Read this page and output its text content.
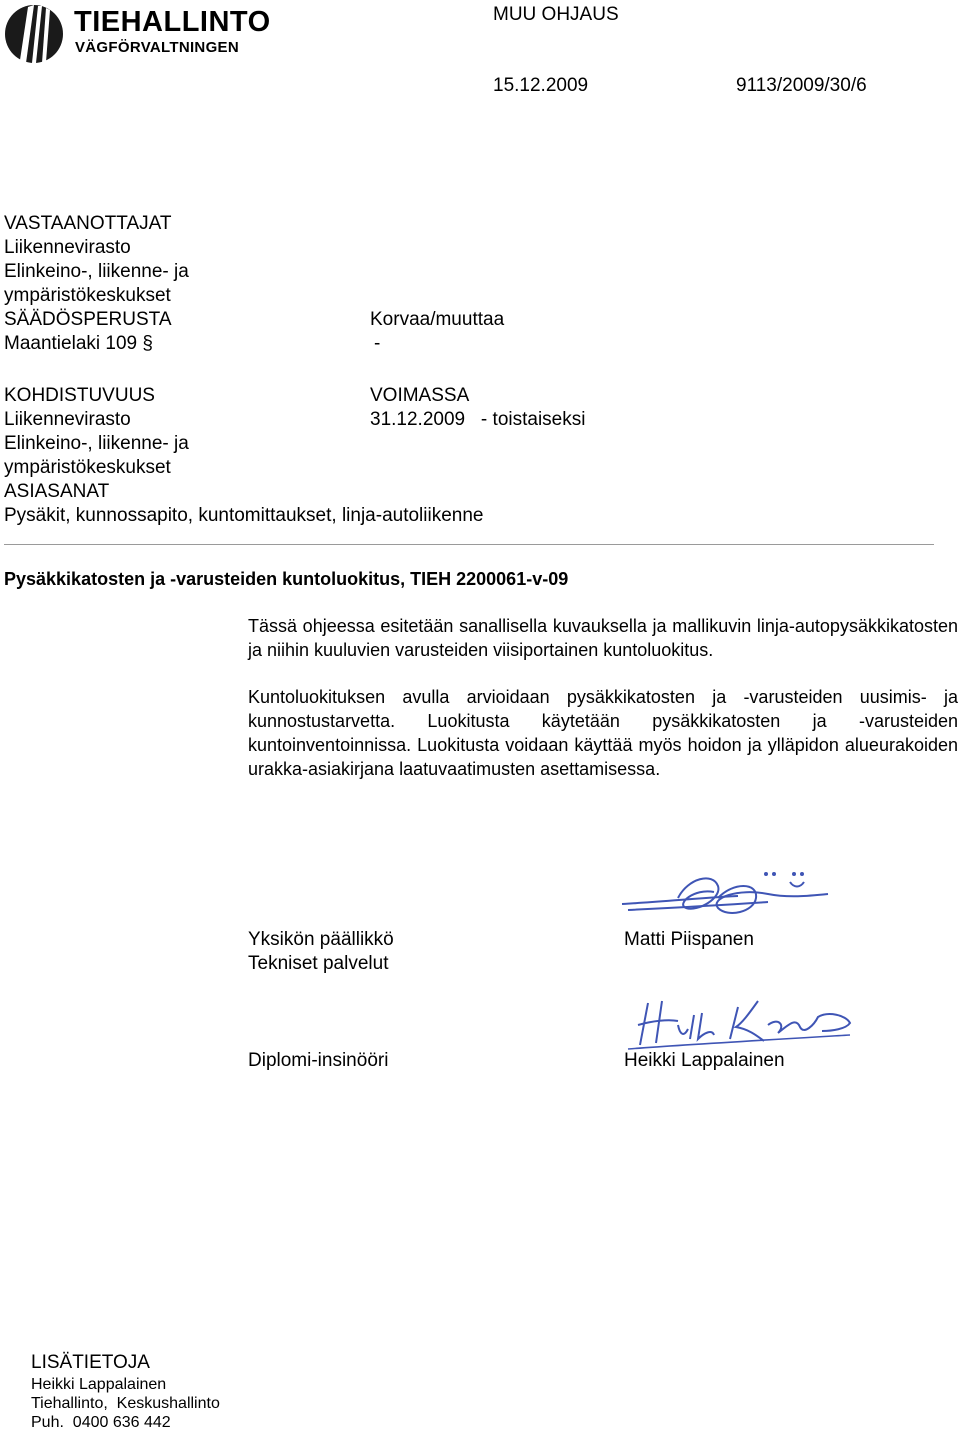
TIEHALLINTO
VÄGFÖRVALTNINGEN
MUU OHJAUS
15.12.2009	9113/2009/30/6
VASTAANOTTAJAT
Liikennevirasto
Elinkeino-, liikenne- ja
ympäristökeskukset
SÄÄDÖSPERUSTA
Maantielaki 109 §
Korvaa/muuttaa
-
KOHDISTUVUUS
Liikennevirasto
Elinkeino-, liikenne- ja
ympäristökeskukset
VOIMASSA
31.12.2009   - toistaiseksi
ASIASANAT
Pysäkit, kunnossapito, kuntomittaukset, linja-autoliikenne
Pysäkkikatosten ja -varusteiden kuntoluokitus, TIEH 2200061-v-09
Tässä ohjeessa esitetään sanallisella kuvauksella ja mallikuvin linja-autopysäkkikatosten ja niihin kuuluvien varusteiden viisiportainen kuntoluokitus.
Kuntoluokituksen avulla arvioidaan pysäkkikatosten ja -varusteiden uusimis- ja kunnostustarvetta. Luokitusta käytetään pysäkkikatosten ja -varusteiden kuntoinventoinnissa. Luokitusta voidaan käyttää myös hoidon ja ylläpidon alueurakoiden urakka-asiakirjana laatuvaatimusten asettamisessa.
Yksikön päällikkö
Tekniset palvelut
Matti Piispanen
Diplomi-insinööri	Heikki Lappalainen
LISÄTIETOJA
Heikki Lappalainen
Tiehallinto,  Keskushallinto
Puh.  0400 636 442
